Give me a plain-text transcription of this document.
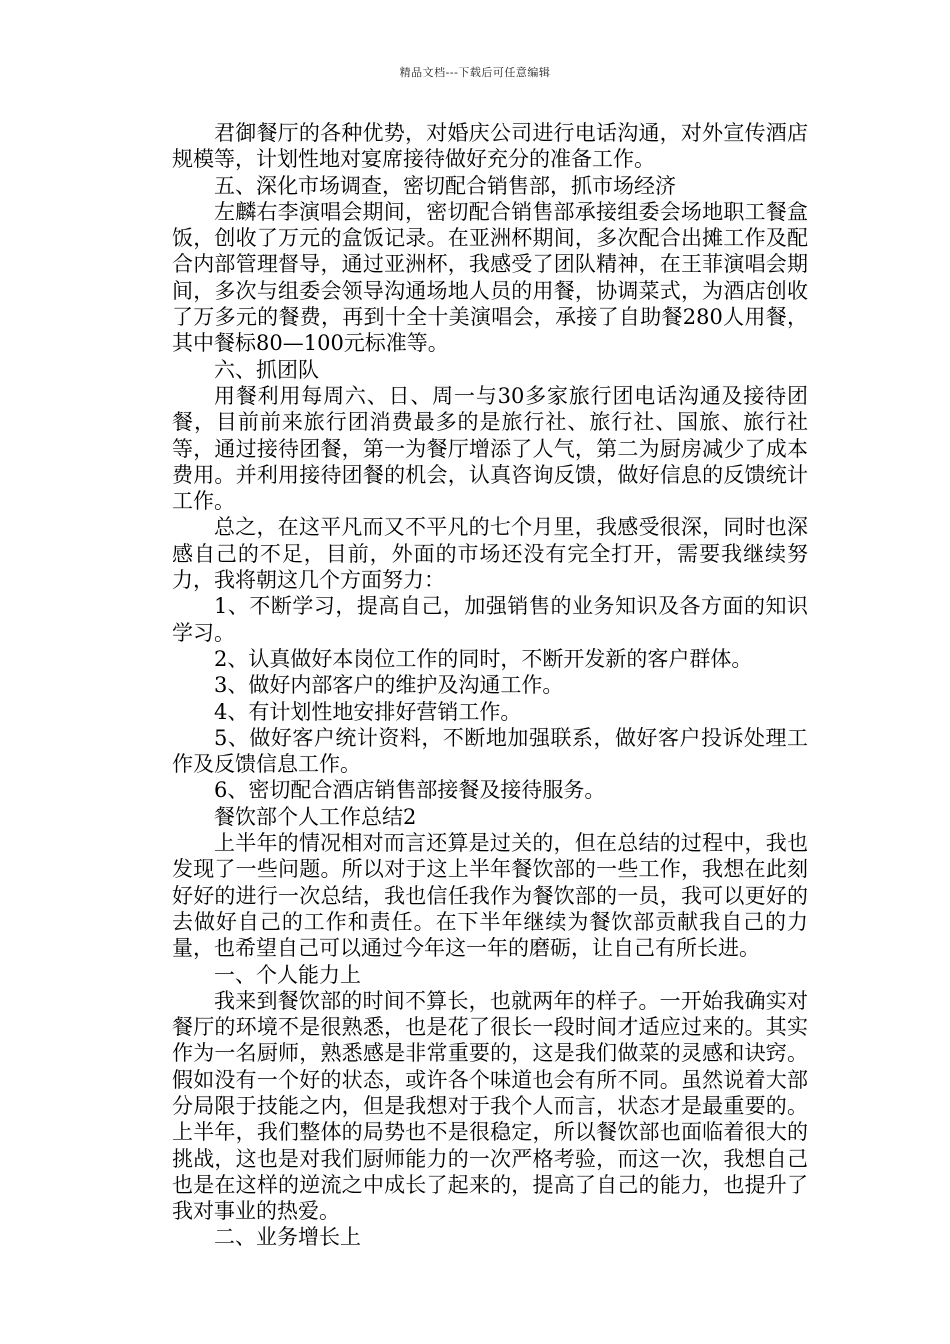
精品文档---下载后可任意编辑

君御餐厅的各种优势，对婚庆公司进行电话沟通，对外宣传酒店规模等，计划性地对宴席接待做好充分的准备工作。

五、深化市场调查，密切配合销售部，抓市场经济

左麟右李演唱会期间，密切配合销售部承接组委会场地职工餐盒饭，创收了万元的盒饭记录。在亚洲杯期间，多次配合出摊工作及配合内部管理督导，通过亚洲杯，我感受了团队精神，在王菲演唱会期间，多次与组委会领导沟通场地人员的用餐，协调菜式，为酒店创收了万多元的餐费，再到十全十美演唱会，承接了自助餐280人用餐，其中餐标80—100元标准等。

六、抓团队

用餐利用每周六、日、周一与30多家旅行团电话沟通及接待团餐，目前前来旅行团消费最多的是旅行社、旅行社、国旅、旅行社等，通过接待团餐，第一为餐厅增添了人气，第二为厨房减少了成本费用。并利用接待团餐的机会，认真咨询反馈，做好信息的反馈统计工作。

总之，在这平凡而又不平凡的七个月里，我感受很深，同时也深感自己的不足，目前，外面的市场还没有完全打开，需要我继续努力，我将朝这几个方面努力：

1、不断学习，提高自己，加强销售的业务知识及各方面的知识学习。

2、认真做好本岗位工作的同时，不断开发新的客户群体。

3、做好内部客户的维护及沟通工作。

4、有计划性地安排好营销工作。

5、做好客户统计资料，不断地加强联系，做好客户投诉处理工作及反馈信息工作。

6、密切配合酒店销售部接餐及接待服务。

餐饮部个人工作总结2

上半年的情况相对而言还算是过关的，但在总结的过程中，我也发现了一些问题。所以对于这上半年餐饮部的一些工作，我想在此刻好好的进行一次总结，我也信任我作为餐饮部的一员，我可以更好的去做好自己的工作和责任。在下半年继续为餐饮部贡献我自己的力量，也希望自己可以通过今年这一年的磨砺，让自己有所长进。

一、个人能力上

我来到餐饮部的时间不算长，也就两年的样子。一开始我确实对餐厅的环境不是很熟悉，也是花了很长一段时间才适应过来的。其实作为一名厨师，熟悉感是非常重要的，这是我们做菜的灵感和诀窍。假如没有一个好的状态，或许各个味道也会有所不同。虽然说着大部分局限于技能之内，但是我想对于我个人而言，状态才是最重要的。上半年，我们整体的局势也不是很稳定，所以餐饮部也面临着很大的挑战，这也是对我们厨师能力的一次严格考验，而这一次，我想自己也是在这样的逆流之中成长了起来的，提高了自己的能力，也提升了我对事业的热爱。

二、业务增长上
